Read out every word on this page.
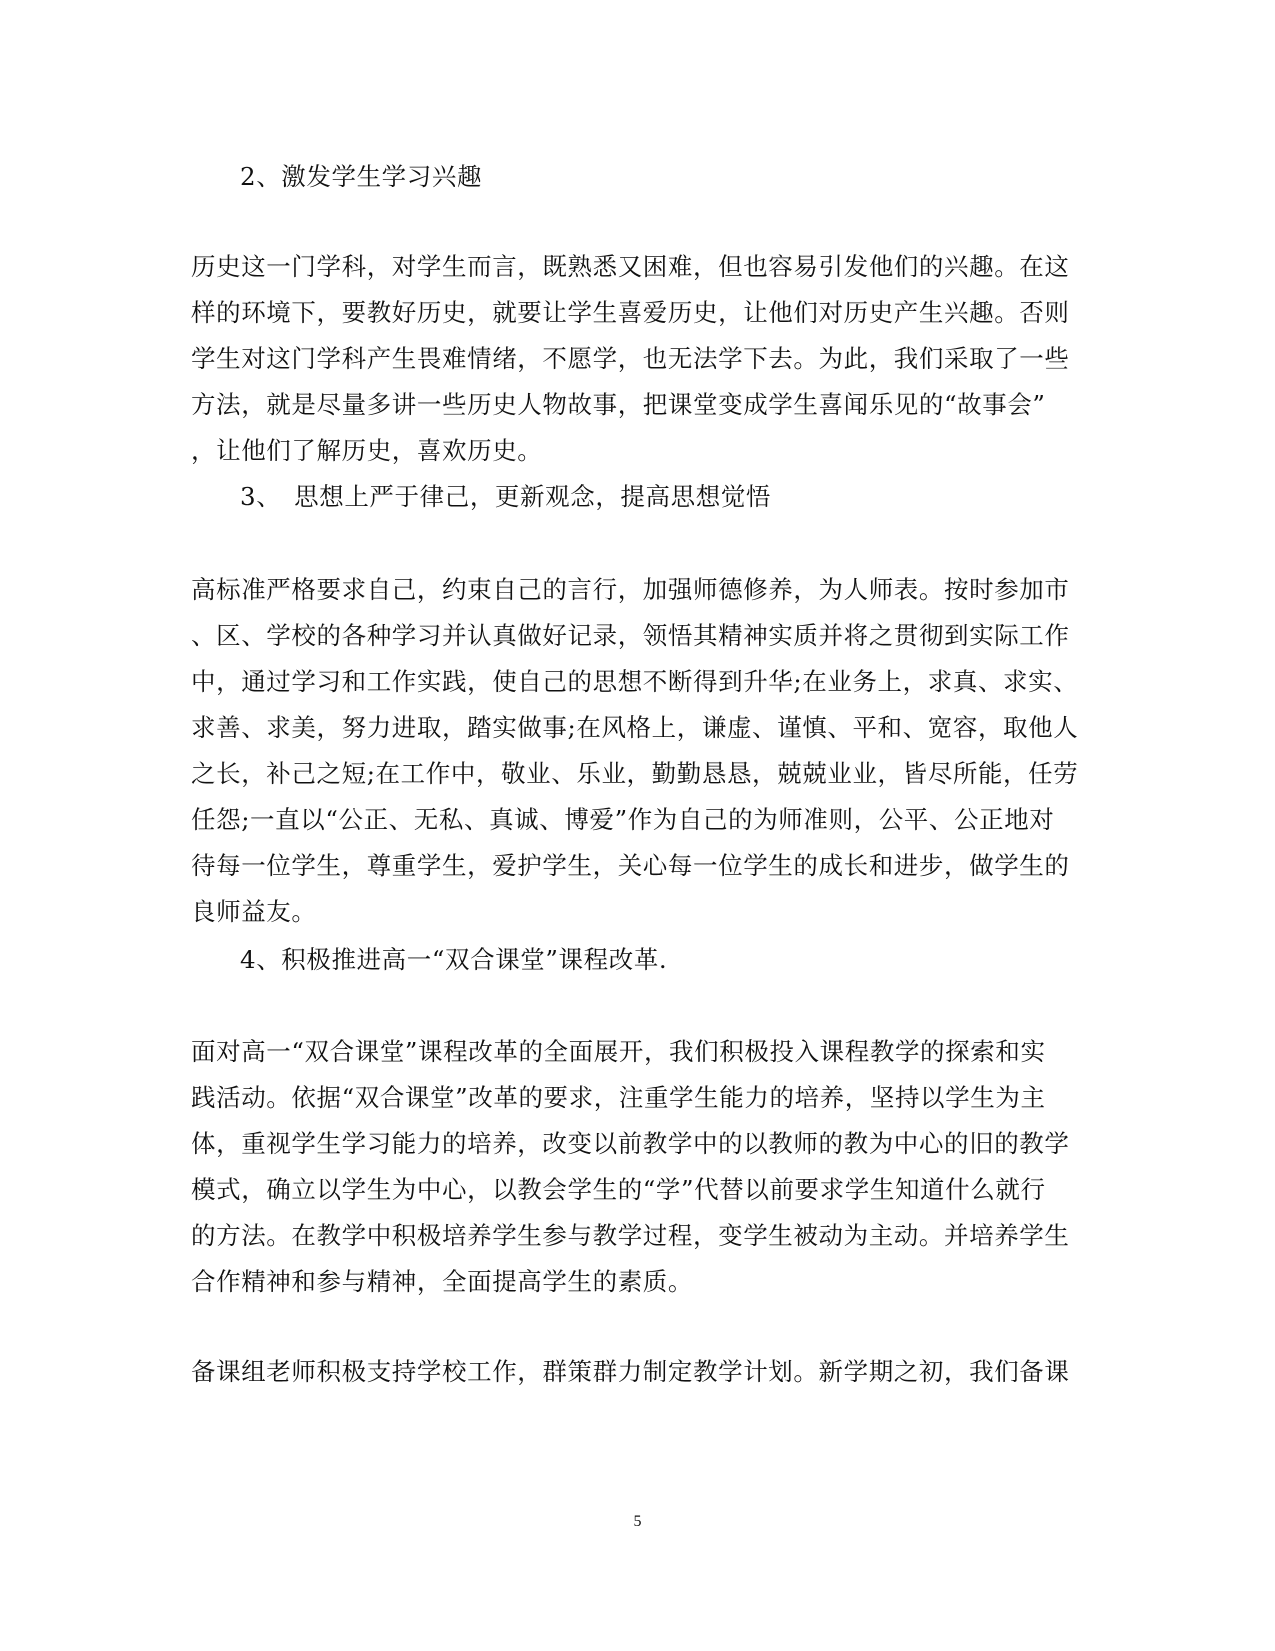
2、激发学生学习兴趣
历史这一门学科，对学生而言，既熟悉又困难，但也容易引发他们的兴趣。在这
样的环境下，要教好历史，就要让学生喜爱历史，让他们对历史产生兴趣。否则
学生对这门学科产生畏难情绪，不愿学，也无法学下去。为此，我们采取了一些
方法，就是尽量多讲一些历史人物故事，把课堂变成学生喜闻乐见的“故事会”
，让他们了解历史，喜欢历史。
3、　思想上严于律己，更新观念，提高思想觉悟
高标准严格要求自己，约束自己的言行，加强师德修养，为人师表。按时参加市
、区、学校的各种学习并认真做好记录，领悟其精神实质并将之贯彻到实际工作
中，通过学习和工作实践，使自己的思想不断得到升华;在业务上，求真、求实、
求善、求美，努力进取，踏实做事;在风格上，谦虚、谨慎、平和、宽容，取他人
之长，补己之短;在工作中，敬业、乐业，勤勤恳恳，兢兢业业，皆尽所能，任劳
任怨;一直以“公正、无私、真诚、博爱”作为自己的为师准则，公平、公正地对
待每一位学生，尊重学生，爱护学生，关心每一位学生的成长和进步，做学生的
良师益友。
4、积极推进高一“双合课堂”课程改革.
面对高一“双合课堂”课程改革的全面展开，我们积极投入课程教学的探索和实
践活动。依据“双合课堂”改革的要求，注重学生能力的培养，坚持以学生为主
体，重视学生学习能力的培养，改变以前教学中的以教师的教为中心的旧的教学
模式，确立以学生为中心，以教会学生的“学”代替以前要求学生知道什么就行
的方法。在教学中积极培养学生参与教学过程，变学生被动为主动。并培养学生
合作精神和参与精神，全面提高学生的素质。
备课组老师积极支持学校工作，群策群力制定教学计划。新学期之初，我们备课
5
